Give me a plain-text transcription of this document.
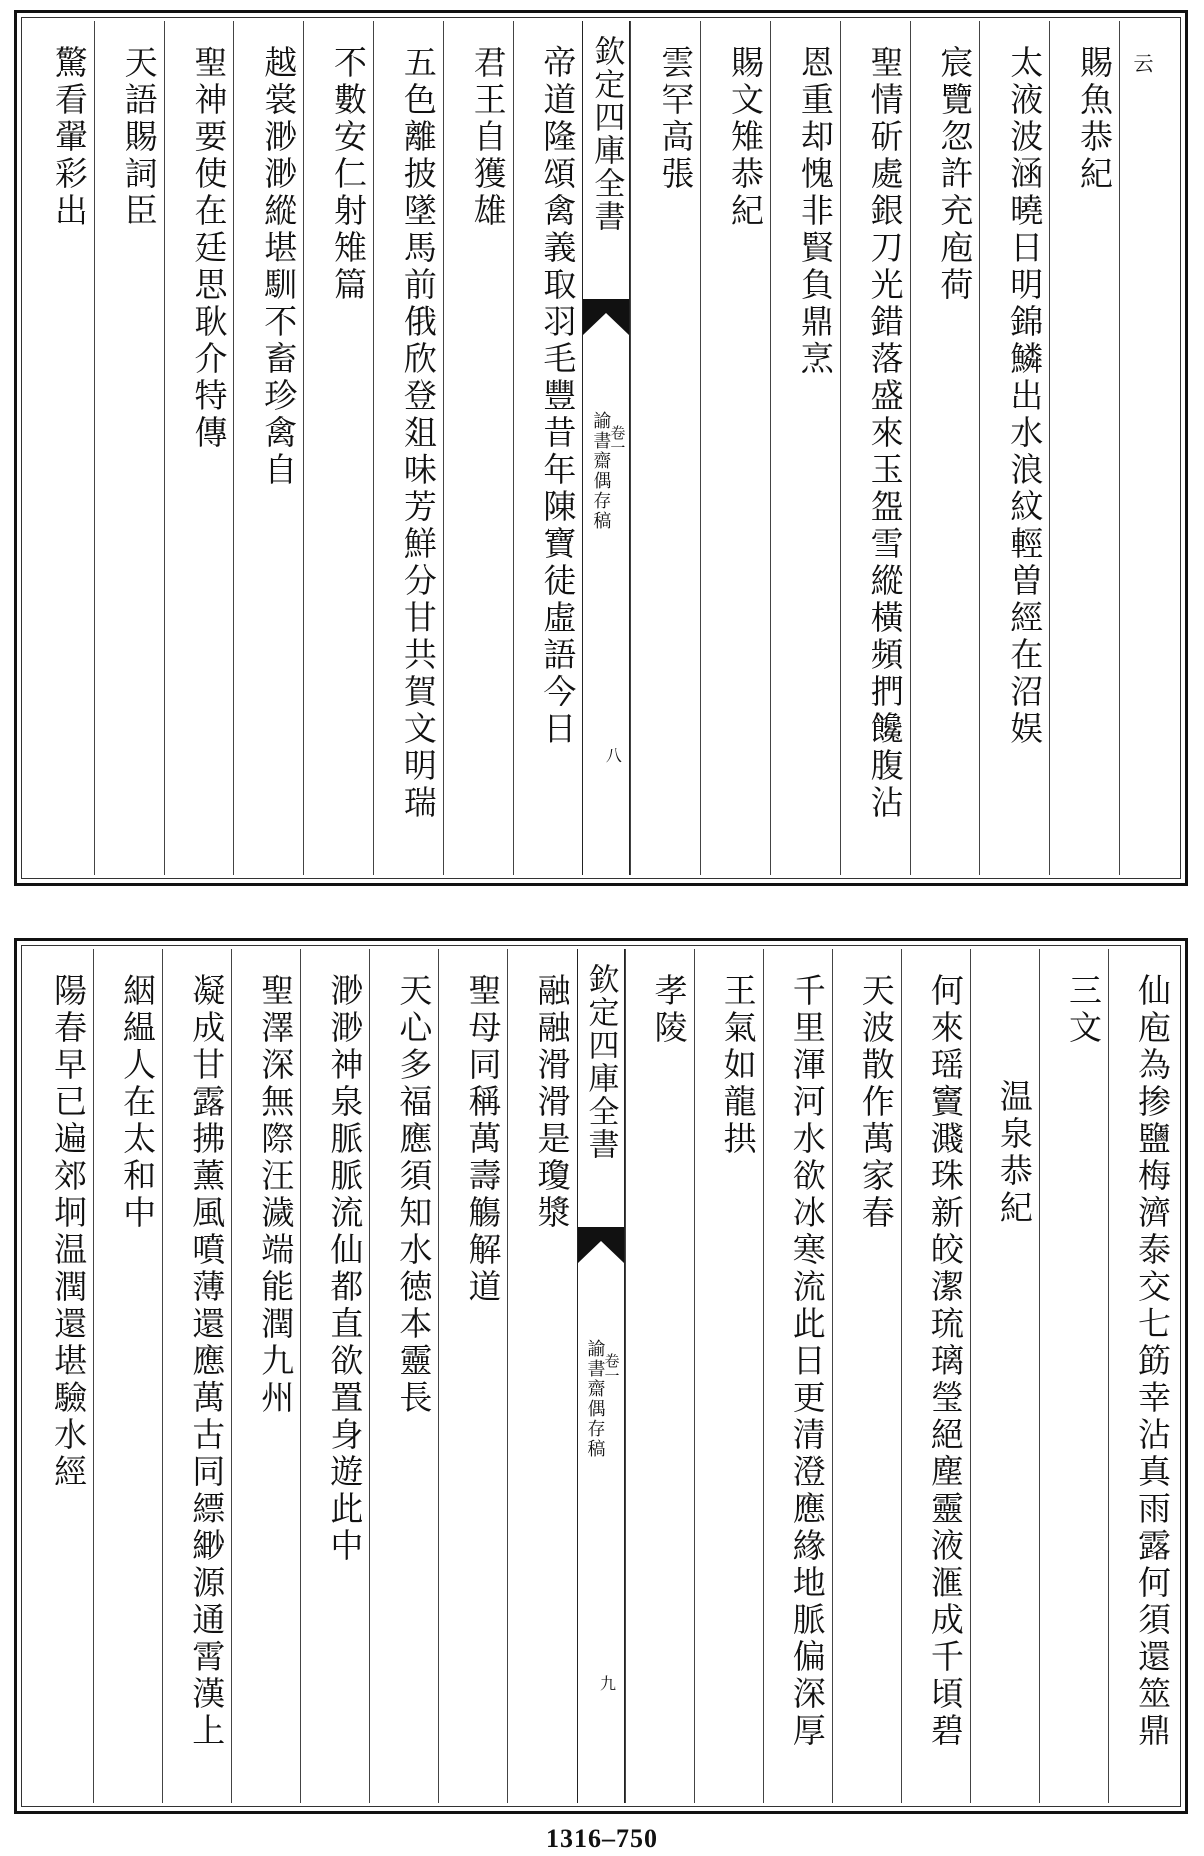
云
賜魚恭紀
太液波涵曉日明錦鱗出水浪紋輕曽經在沼娱
宸覽忽許充庖荷
聖情斫處銀刀光錯落盛來玉盌雪縱橫頻捫饞腹沾
恩重却愧非賢負鼎烹
賜文雉恭紀
雲罕高張
欽定四庫全書
諭書齋偶存稿
卷一
八
帝道隆頌禽義取羽毛豐昔年陳寶徒虛語今日
君王自獲雄
五色離披墜馬前俄欣登爼味芳鮮分甘共賀文明瑞
不數安仁射雉篇
越裳渺渺縱堪馴不畜珍禽自
聖神要使在廷思耿介特傳
天語賜詞臣
驚看翬彩出
仙庖為掺鹽梅濟泰交七筯幸沾真雨露何須還筮鼎
三文
温泉恭紀
何來瑶竇濺珠新皎潔琉璃瑩絕塵靈液滙成千頃碧
天波散作萬家春
千里渾河水欲冰寒流此日更清澄應緣地脈偏深厚
王氣如龍拱
孝陵
欽定四庫全書
諭書齋偶存稿
卷一
九
融融滑滑是瓊漿
聖母同稱萬壽觴解道
天心多福應須知水徳本靈長
渺渺神泉脈脈流仙都直欲置身遊此中
聖澤深無際汪濊端能潤九州
凝成甘露拂薰風噴薄還應萬古同縹緲源通霄漢上
絪緼人在太和中
陽春早已遍郊坰温潤還堪驗水經
1316–750
